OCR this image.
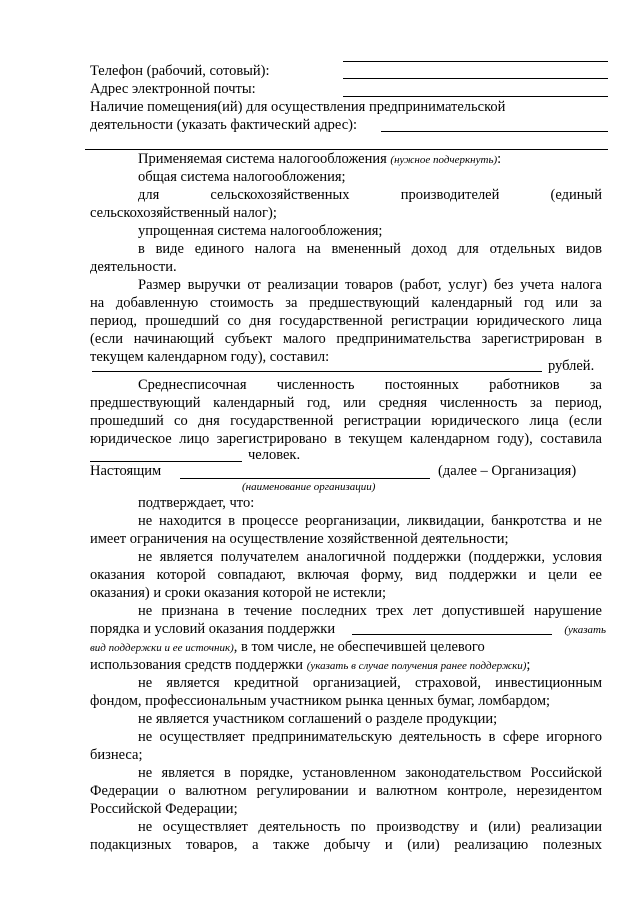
Телефон (рабочий, сотовый):
Адрес электронной почты:
Наличие помещения(ий) для осуществления предпринимательской
деятельности (указать фактический адрес):
Применяемая система налогообложения (нужное подчеркнуть):
общая система налогообложения;
для сельскохозяйственных производителей (единый
сельскохозяйственный налог);
упрощенная система налогообложения;
в виде единого налога на вмененный доход для отдельных видов
деятельности.
Размер выручки от реализации товаров (работ, услуг) без учета налога
на добавленную стоимость за предшествующий календарный год или за
период, прошедший со дня государственной регистрации юридического лица
(если начинающий субъект малого предпринимательства зарегистрирован в
текущем календарном году), составил:
рублей.
Среднесписочная численность постоянных работников за
предшествующий календарный год, или средняя численность за период,
прошедший со дня государственной регистрации юридического лица (если
юридическое лицо зарегистрировано в текущем календарном году), составила
человек.
Настоящим	(далее – Организация)
(наименование организации)
подтверждает, что:
не находится в процессе реорганизации, ликвидации, банкротства и не
имеет ограничения на осуществление хозяйственной деятельности;
не является получателем аналогичной поддержки (поддержки, условия
оказания которой совпадают, включая форму, вид поддержки и цели ее
оказания) и сроки оказания которой не истекли;
не признана в течение последних трех лет допустившей нарушение
порядка и условий оказания поддержки	(указать
вид поддержки и ее источник), в том числе, не обеспечившей целевого
использования средств поддержки (указать в случае получения ранее поддержки);
не является кредитной организацией, страховой, инвестиционным
фондом, профессиональным участником рынка ценных бумаг, ломбардом;
не является участником соглашений о разделе продукции;
не осуществляет предпринимательскую деятельность в сфере игорного
бизнеса;
не является в порядке, установленном законодательством Российской
Федерации о валютном регулировании и валютном контроле, нерезидентом
Российской Федерации;
не осуществляет деятельность по производству и (или) реализации
подакцизных товаров, а также добычу и (или) реализацию полезных
